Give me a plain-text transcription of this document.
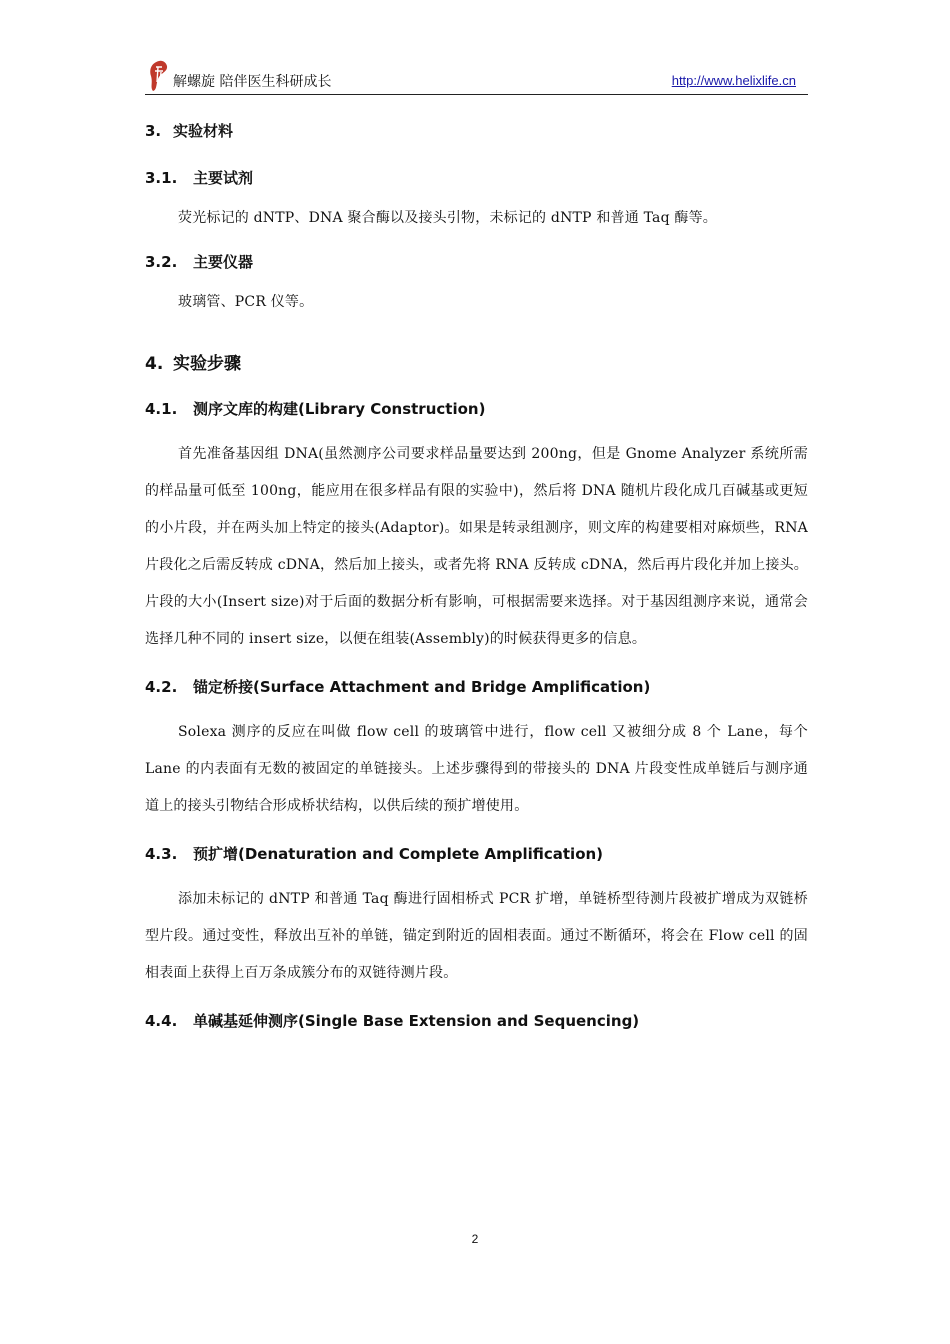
解螺旋 陪伴医生科研成长	http://www.helixlife.cn
3. 实验材料
3.1. 主要试剂

荧光标记的 dNTP、DNA 聚合酶以及接头引物，未标记的 dNTP 和普通 Taq 酶等。

3.2. 主要仪器

玻璃管、PCR 仪等。

4. 实验步骤
4.1. 测序文库的构建(Library Construction)

首先准备基因组 DNA(虽然测序公司要求样品量要达到 200ng，但是 Gnome Analyzer 系统所需的样品量可低至 100ng，能应用在很多样品有限的实验中)，然后将 DNA 随机片段化成几百碱基或更短的小片段，并在两头加上特定的接头(Adaptor)。如果是转录组测序，则文库的构建要相对麻烦些，RNA 片段化之后需反转成 cDNA，然后加上接头，或者先将 RNA 反转成 cDNA，然后再片段化并加上接头。片段的大小(Insert size)对于后面的数据分析有影响，可根据需要来选择。对于基因组测序来说，通常会选择几种不同的 insert size，以便在组装(Assembly)的时候获得更多的信息。

4.2. 锚定桥接(Surface Attachment and Bridge Amplification)

Solexa 测序的反应在叫做 flow cell 的玻璃管中进行，flow cell 又被细分成 8 个 Lane，每个 Lane 的内表面有无数的被固定的单链接头。上述步骤得到的带接头的 DNA 片段变性成单链后与测序通道上的接头引物结合形成桥状结构，以供后续的预扩增使用。

4.3. 预扩增(Denaturation and Complete Amplification)

添加未标记的 dNTP 和普通 Taq 酶进行固相桥式 PCR 扩增，单链桥型待测片段被扩增成为双链桥型片段。通过变性，释放出互补的单链，锚定到附近的固相表面。通过不断循环，将会在 Flow cell 的固相表面上获得上百万条成簇分布的双链待测片段。

4.4. 单碱基延伸测序(Single Base Extension and Sequencing)
2
